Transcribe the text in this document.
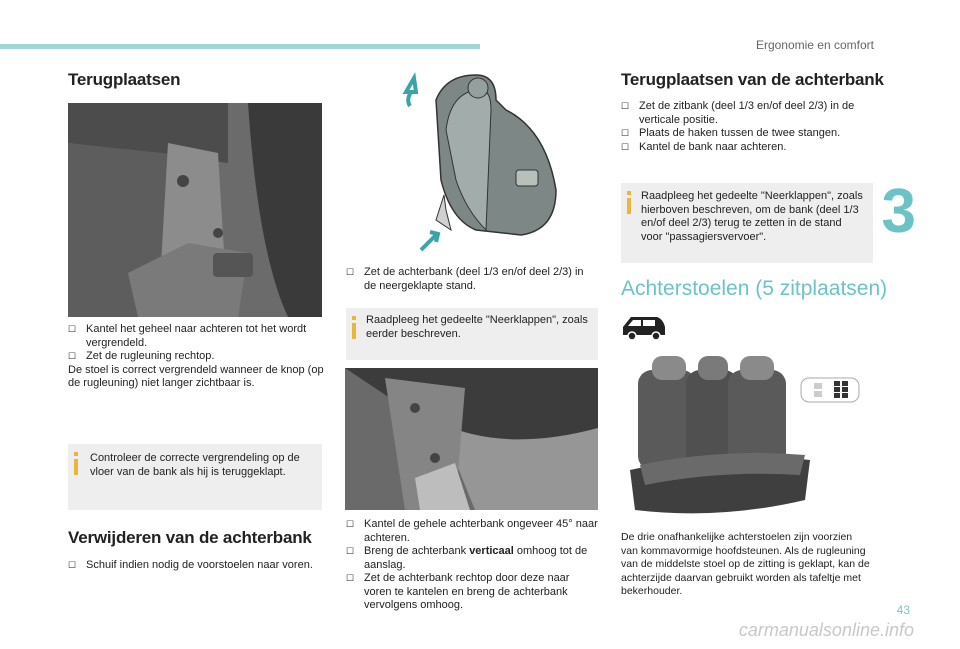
Ergonomie en comfort
3
Terugplaatsen
☐ Kantel het geheel naar achteren tot het wordt vergrendeld.
☐ Zet de rugleuning rechtop.
De stoel is correct vergrendeld wanneer de knop (op de rugleuning) niet langer zichtbaar is.
Controleer de correcte vergrendeling op de vloer van de bank als hij is teruggeklapt.
Verwijderen van de achterbank
☐ Schuif indien nodig de voorstoelen naar voren.
☐ Zet de achterbank (deel 1/3 en/of deel 2/3) in de neergeklapte stand.
Raadpleeg het gedeelte "Neerklappen", zoals eerder beschreven.
☐ Kantel de gehele achterbank ongeveer 45° naar achteren.
☐ Breng de achterbank verticaal omhoog tot de aanslag.
☐ Zet de achterbank rechtop door deze naar voren te kantelen en breng de achterbank vervolgens omhoog.
Terugplaatsen van de achterbank
☐ Zet de zitbank (deel 1/3 en/of deel 2/3) in de verticale positie.
☐ Plaats de haken tussen de twee stangen.
☐ Kantel de bank naar achteren.
Raadpleeg het gedeelte "Neerklappen", zoals hierboven beschreven, om de bank (deel 1/3 en/of deel 2/3) terug te zetten in de stand voor "passagiersvervoer".
Achterstoelen (5 zitplaatsen)
De drie onafhankelijke achterstoelen zijn voorzien van kommavormige hoofdsteunen. Als de rugleuning van de middelste stoel op de zitting is geklapt, kan de achterzijde daarvan gebruikt worden als tafeltje met bekerhouder.
43
carmanualsonline.info
